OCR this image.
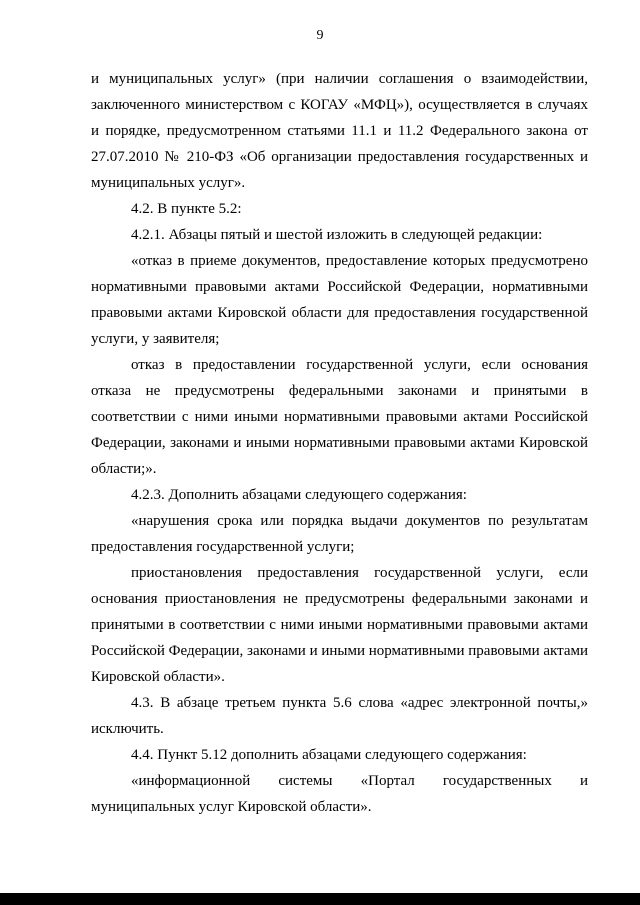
9

и муниципальных услуг» (при наличии соглашения о взаимодействии, заключенного министерством с КОГАУ «МФЦ»), осуществляется в случаях и порядке, предусмотренном статьями 11.1 и 11.2 Федерального закона от 27.07.2010 № 210-ФЗ «Об организации предоставления государственных и муниципальных услуг».

4.2. В пункте 5.2:

4.2.1. Абзацы пятый и шестой изложить в следующей редакции:

«отказ в приеме документов, предоставление которых предусмотрено нормативными правовыми актами Российской Федерации, нормативными правовыми актами Кировской области для предоставления государственной услуги, у заявителя;

отказ в предоставлении государственной услуги, если основания отказа не предусмотрены федеральными законами и принятыми в соответствии с ними иными нормативными правовыми актами Российской Федерации, законами и иными нормативными правовыми актами Кировской области;».

4.2.3. Дополнить абзацами следующего содержания:

«нарушения срока или порядка выдачи документов по результатам предоставления государственной услуги;

приостановления предоставления государственной услуги, если основания приостановления не предусмотрены федеральными законами и принятыми в соответствии с ними иными нормативными правовыми актами Российской Федерации, законами и иными нормативными правовыми актами Кировской области».

4.3. В абзаце третьем пункта 5.6 слова «адрес электронной почты,» исключить.

4.4. Пункт 5.12 дополнить абзацами следующего содержания:

«информационной системы «Портал государственных и муниципальных услуг Кировской области».
